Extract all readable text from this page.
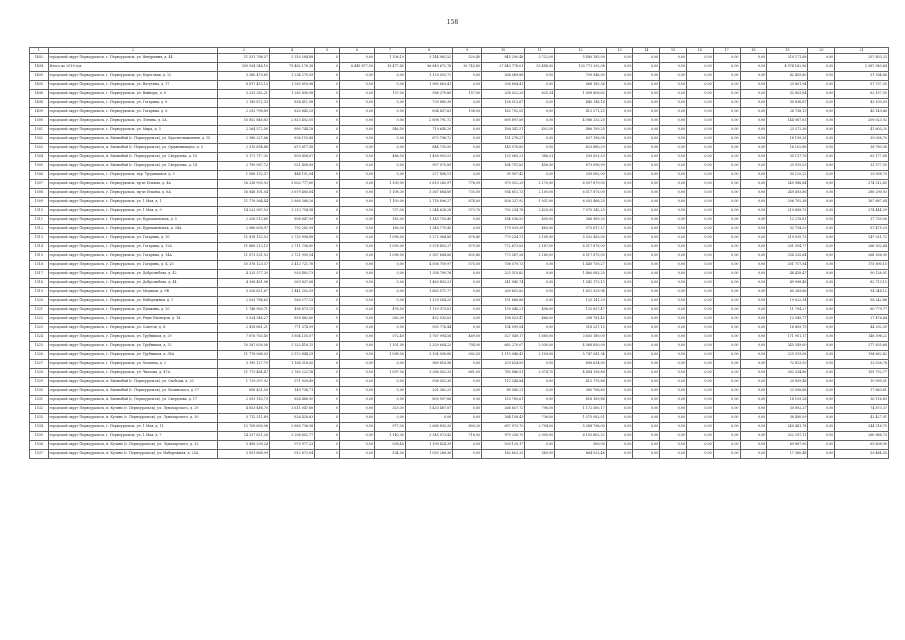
158
1	2	3	4	5	6	7	8	9	10	11	12	13	14	15	16	17	18	19	20	21
1492	городской округ Первоуральск, г. Первоуральск, ул. Фигуриных, д. 44	11 331 788,57	2 310 284,88	0	0,00	1 108,10	3 144 982,52	520,40	845 290,48	3 722,00	5 480 185,00	0,00	0,00	0,00	0,00	0,00	0,00	210 171,88	0,00	257 853,23
1494	Итого по 2019 год	359 934 346,10	79 482 178,58	0	8 449 877,00	19 477,40	96 849 672,78	30 743,80	27 843 776,01	53 448,50	120 773 292,98	0,00	0,00	0,00	0,00	0,00	0,00	4 974 162,96	0,00	2 367 083,64
1495	городской округ Первоуральск, г. Первоуральск, ул. Береговая, д. 12	3 380 470,65	1 234 270,59	0	0,00	0,00	1 129 053,72	0,00	266 089,88	0,00	709 946,00	0,00	0,00	0,00	0,00	0,00	0,00	42 455,80	0,00	51 594,86
1495	городской округ Первоуральск, г. Первоуральск, ул. Ватутина, д. 17	8 817 453,13	1 283 859,96	0	0,00	0,00	1 985 883,41	0,00	236 604,41	0,00	868 185,36	0,00	0,00	0,00	0,00	0,00	0,00	23 801,94	0,00	57 757,35
1496	городской округ Первоуральск, г. Первоуральск, ул. Вайнера, д. 8	3 233 282,21	1 282 830,98	0	0,00	157,00	586 270,88	157,00	238 022,29	625,34	1 058 806,62	0,00	0,00	0,00	0,00	0,00	0,00	52 803,84	0,00	62 107,55
1498	городской округ Первоуральск, г. Первоуральск, ул. Гагарина, д. 6	2 149 872,33	838 411,98	0	0,00	0,00	739 880,38	0,00	136 513,67	0,00	440 148,16	0,00	0,00	0,00	0,00	0,00	0,00	30 836,87	0,00	43 100,09
1499	городской округ Первоуральск, г. Первоуральск, ул. Гагарина, д. 6	2 292 798,89	820 645,29	0	0,00	0,00	694 437,63	198,00	162 792,05	0,00	413 271,25	0,00	0,00	0,00	0,00	0,00	0,00	28 738,13	0,00	45 149,46
1500	городской округ Первоуральск, г. Первоуральск, ул. Ленина, д. 5А	10 852 846,83	2 813 402,05	0	0,00	0,00	2 898 791,72	0,00	695 897,89	0,00	4 086 253,20	0,00	0,00	0,00	0,00	0,00	0,00	144 087,83	0,00	209 023,92
1501	городской округ Первоуральск, г. Первоуральск, ул. Мира, д. 3	2 264 572,50	889 744,18	0	0,00	546,50	719 640,20	0,00	168 341,51	492,50	486 199,25	0,00	0,00	0,00	0,00	0,00	0,00	23 572,36	0,00	41 603,20
1502	городской округ Первоуральск, п. Билимбай (г. Первоуральск), ул. Краснознаменная, д. 15	2 386 227,86	836 155,88	0	0,00	0,00	673 798,72	0,00	151 276,27	0,00	637 196,08	0,00	0,00	0,00	0,00	0,00	0,00	18 199,28	0,00	39 058,70
1503	городской округ Первоуральск, п. Билимбай (г. Первоуральск), ул. Орджоникидзе, д. 5	2 510 894,46	673 817,58	0	0,00	0,00	644 735,95	0,00	145 076,85	0,00	823 680,29	0,00	0,00	0,00	0,00	0,00	0,00	16 102,88	0,00	38 780,38
1504	городской округ Первоуральск, п. Билимбай (г. Первоуральск), ул. Свердлова, д. 10	3 171 717,35	809 408,67	0	0,00	486,50	1 458 903,53	0,00	133 065,21	346,51	539 001,53	0,00	0,00	0,00	0,00	0,00	0,00	35 137,76	0,00	63 177,08
1505	городской округ Первоуральск, п. Билимбай (г. Первоуральск), ул. Свердлова, д. 14	2 790 987,72	921 408,08	0	0,00	0,00	957 075,89	0,00	164 751,82	456,50	673 096,99	0,00	0,00	0,00	0,00	0,00	0,00	23 915,03	0,00	33 277,55
1506	городской округ Первоуральск, г. Первоуральск, пер. Трудящихся, д. 3	1 588 152,37	444 151,94	0	0,00	0,00	277 498,11	0,00	95 907,43	0,00	339 082,00	0,00	0,00	0,00	0,00	0,00	0,00	30 120,22	0,00	29 938,79
1507	городской округ Первоуральск, г. Первоуральск, пр-кт Ильича, д. 4А	16 238 993,93	3 602 777,60	0	0,00	1 109,90	3 610 285,97	776,99	975 922,29	2 170,00	6 937 879,00	0,00	0,00	0,00	0,00	0,00	0,00	245 988,84	0,00	274 312,85
1508	городской округ Первоуральск, г. Первоуральск, пр-кт Ильича, д. 6А	16 848 301,04	3 679 485,64	0	0,00	1 108,30	3 367 684,80	735,00	934 611,73	2 100,00	6 517 875,00	0,00	0,00	0,00	0,00	0,00	0,00	249 493,86	0,00	288 290,93
1509	городской округ Первоуральск, г. Первоуральск, ул. 1 Мая, д. 1	11 776 364,44	2 889 368,26	0	0,00	1 109,00	2 718 896,27	674,00	826 237,92	1 931,00	6 055 466,25	0,00	0,00	0,00	0,00	0,00	0,00	206 792,38	0,00	167 687,94
1510	городской округ Первоуральск, г. Первоуральск, ул. 1 Мая, д. 9	14 223 987,53	3 213 754,98	0	0,00	737,00	2 244 628,28	573,70	792 234,78	2 420,00	7 570 342,25	0,00	0,00	0,00	0,00	0,00	0,00	210 858,73	0,00	274 444,39
1511	городской округ Первоуральск, г. Первоуральск, ул. Бурмашевская, д. 5	2 208 513,60	808 847,99	0	0,00	182,00	1 145 755,40	0,00	184 036,53	400,00	368 989,20	0,00	0,00	0,00	0,00	0,00	0,00	13 278,81	0,00	37 759,56
1512	городской округ Первоуральск, г. Первоуральск, ул. Бурмашевская, д. 34А	2 966 658,97	792 282,99	0	0,00	165,00	1 345 775,40	0,00	179 039,39	465,00	373 617,27	0,00	0,00	0,00	0,00	0,00	0,00	32 734,29	0,00	57 475,29
1513	городской округ Первоуральск, г. Первоуральск, ул. Гагарина, д. 10	11 818 152,53	2 733 998,88	0	0,00	1 098,00	3 272 984,80	678,40	770 234,71	2 100,00	5 932 450,00	0,00	0,00	0,00	0,00	0,00	0,00	219 035,73	0,00	247 021,72
1514	городской округ Первоуральск, г. Первоуральск, ул. Гагарина, д. 12А	11 868 213,13	2 711 736,80	0	0,00	1 099,00	3 378 400,37	679,00	772 673,83	2 187,00	6 517 875,00	0,00	0,00	0,00	0,00	0,00	0,00	251 594,77	0,00	266 932,44
1515	городской округ Первоуральск, г. Первоуральск, ул. Гагарина, д. 14А	11 873 531,53	2 721 993,14	0	0,00	1 098,00	3 367 684,80	630,40	773 367,28	2 180,00	6 517 875,00	0,00	0,00	0,00	0,00	0,00	0,00	254 335,64	0,00	268 356,95
1516	городской округ Первоуральск, г. Первоуральск, ул. Гагарина, д. 4, 25	10 378 123,57	2 413 721,76	0	0,00	0,00	4 506 759,97	575,00	706 579,73	0,00	1 440 759,27	0,00	0,00	0,00	0,00	0,00	0,00	201 717,54	0,00	175 890,15
1517	городской округ Первоуральск, г. Первоуральск, ул. Добролюбова, д. 42	4 325 377,30	920 483,73	0	0,00	0,00	1 358 799,76	0,00	225 519,82	0,00	1 460 083,25	0,00	0,00	0,00	0,00	0,00	0,00	48 428,47	0,00	90 126,01
1518	городской округ Первоуральск, г. Первоуральск, ул. Добролюбова, д. 44	4 398 481,96	903 837,06	0	0,00	0,00	1 469 493,31	0,00	241 040,74	0,00	1 541 173,13	0,00	0,00	0,00	0,00	0,00	0,00	49 998,48	0,00	82 713,15
1519	городской округ Первоуральск, г. Первоуральск, ул. Медиков, д. 9В	5 326 621,67	1 441 202,59	0	0,00	0,00	1 863 071,77	0,00	269 601,82	0,00	1 621 529,94	0,00	0,00	0,00	0,00	0,00	0,00	60 289,66	0,00	94 348,12
1520	городской округ Первоуральск, г. Первоуральск, ул. Набережная, д. 1	2 035 786,65	569 277,13	0	0,00	0,00	1 129 054,25	0,00	151 668,86	0,00	133 141,29	0,00	0,00	0,00	0,00	0,00	0,00	19 022,34	0,00	58 242,86
1521	городской округ Первоуральск, г. Первоуральск, ул. Пушкина, д. 20	1 748 560,71	496 673,15	0	0,00	476,50	1 119 373,81	0,00	139 048,21	496,00	133 637,47	0,00	0,00	0,00	0,00	0,00	0,00	11 794,27	0,00	60 779,77
1522	городской округ Первоуральск, г. Первоуральск, ул. Ряды Пионеров, д. 14	3 024 346,27	859 482,60	0	0,00	362,00	452 533,63	0,00	196 023,47	466,00	298 781,45	0,00	0,00	0,00	0,00	0,00	0,00	12 045,77	0,00	27 476,64
1523	городской округ Первоуральск, г. Первоуральск, ул. Советов, д. 4	2 418 661,21	771 374,99	0	0,00	0,00	953 776,44	0,00	154 099,54	0,00	518 257,15	0,00	0,00	0,00	0,00	0,00	0,00	16 859,75	0,00	44 292,30
1524	городской округ Первоуральск, г. Первоуральск, ул. Трубников, д. 29	7 676 763,40	1 804 155,07	0	0,00	572,40	1 767 994,58	469,00	527 049,17	1 680,00	3 655 180,00	0,00	0,00	0,00	0,00	0,00	0,00	171 901,17	0,00	148 396,22
1525	городской округ Первоуральск, г. Первоуральск, ул. Трубников, д. 32	10 287 626,08	2 323 416,15	0	0,00	1 101,00	2 329 604,23	704,00	682 270,07	2 030,00	4 568 850,00	0,00	0,00	0,00	0,00	0,00	0,00	245 549,00	0,00	277 835,68
1526	городской округ Первоуральск, г. Первоуральск, ул. Трубников, д. 38А	11 778 968,03	2 572 844,29	0	0,00	1 098,50	3 104 598,80	902,55	1 110 046,43	2 109,00	5 747 041,34	0,00	0,00	0,00	0,00	0,00	0,00	220 319,08	0,00	194 662,42
1527	городской округ Первоуральск, г. Первоуральск, ул. Хлопина, д. 2	3 190 127,79	1 168 318,00	0	0,00	0,00	989 616,96	0,00	229 624,05	0,00	696 634,00	0,00	0,00	0,00	0,00	0,00	0,00	72 613,93	0,00	33 526,78
1528	городской округ Первоуральск, г. Первоуральск, ул. Чкалова, д. 47А	11 773 484,47	2 763 223,16	0	0,00	1 097,50	3 288 052,33	661,00	785 846,51	2 074,70	4 494 198,86	0,00	0,00	0,00	0,00	0,00	0,00	282 334,86	0,00	159 752,77
1529	городской округ Первоуральск, п. Билимбай (г. Первоуральск), ул. Свободы, д. 25	1 729 397,92	571 939,49	0	0,00	0,00	598 052,30	0,00	112 248,84	0,00	415 170,86	0,00	0,00	0,00	0,00	0,00	0,00	20 859,48	0,00	10 995,51
1530	городской округ Первоуральск, п. Билимбай (г. Первоуральск), ул. Белинского, д. 17	858 431,50	149 738,71	0	0,00	0,00	201 382,25	0,00	89 545,21	0,00	385 756,80	0,00	0,00	0,00	0,00	0,00	0,00	23 506,88	0,00	17 663,81
1531	городской округ Первоуральск, п. Билимбай (г. Первоуральск), ул. Свердлова, д. 17	2 593 183,73	838 486,50	0	0,00	0,00	809 907,86	0,00	153 780,61	0,00	816 169,86	0,00	0,00	0,00	0,00	0,00	0,00	18 159,28	0,00	36 116,85
1532	городской округ Первоуральск, п. Кузино (г. Первоуральск), ул. Луначарского, д. 29	4 653 486,70	1 611 047,88	0	0,00	325,00	1 433 487,87	0,00	266 657,72	796,00	1 172 580,17	0,00	0,00	0,00	0,00	0,00	0,00	50 892,27	0,00	74 873,37
1533	городской округ Первоуральск, п. Кузино (г. Первоуральск), ул. Луначарского, д. 30	3 712 311,89	826 428,63	0	0,00	0,00	0,00	0,00	264 158,43	736,00	1 575 082,01	0,00	0,00	0,00	0,00	0,00	0,00	38 490,09	0,00	42 427,91
1534	городской округ Первоуральск, г. Первоуральск, ул. 1 Мая, д. 11	12 708 690,98	2 889 736,98	0	0,00	977,00	2 668 893,35	809,20	697 973,70	2 794,00	5 288 796,00	0,00	0,00	0,00	0,00	0,00	0,00	240 441,78	0,00	244 316,75
1535	городской округ Первоуральск, г. Первоуральск, ул. 1 Мая, д. 7	14 537 621,28	3 208 602,77	0	0,00	1 140,30	3 345 073,43	718,00	979 256,70	2 000,00	6 105 662,22	0,00	0,00	0,00	0,00	0,00	0,00	332 297,11	0,00	260 888,73
1536	городской округ Первоуральск, п. Кузино (г. Первоуральск), ул. Луначарского, д. 32	3 498 299,24	973 977,33	0	0,00	538,40	1 199 424,39	0,00	539 129,17	0,00	569,00	0,00	0,00	0,00	0,00	0,00	0,00	69 887,90	0,00	65 608,90
1537	городской округ Первоуральск, п. Кузино (г. Первоуральск), ул. Набережная, д. 25А	3 091 868,99	912 873,04	0	0,00	534,00	1 053 268,36	0,00	182 803,32	580,00	864 032,46	0,00	0,00	0,00	0,00	0,00	0,00	17 380,48	0,00	59 484,35
